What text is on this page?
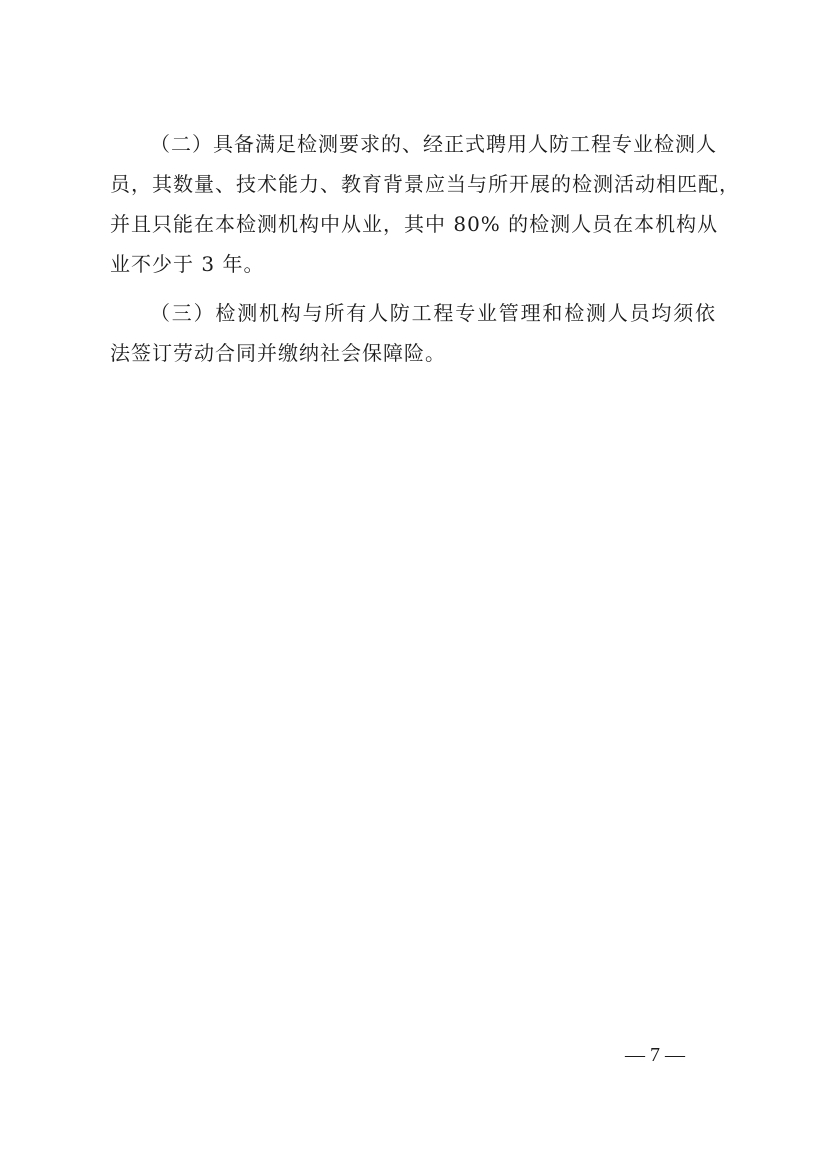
（二）具备满足检测要求的、经正式聘用人防工程专业检测人
员，其数量、技术能力、教育背景应当与所开展的检测活动相匹配，
并且只能在本检测机构中从业，其中 80% 的检测人员在本机构从
业不少于 3 年。
（三）检测机构与所有人防工程专业管理和检测人员均须依
法签订劳动合同并缴纳社会保障险。
— 7 —
